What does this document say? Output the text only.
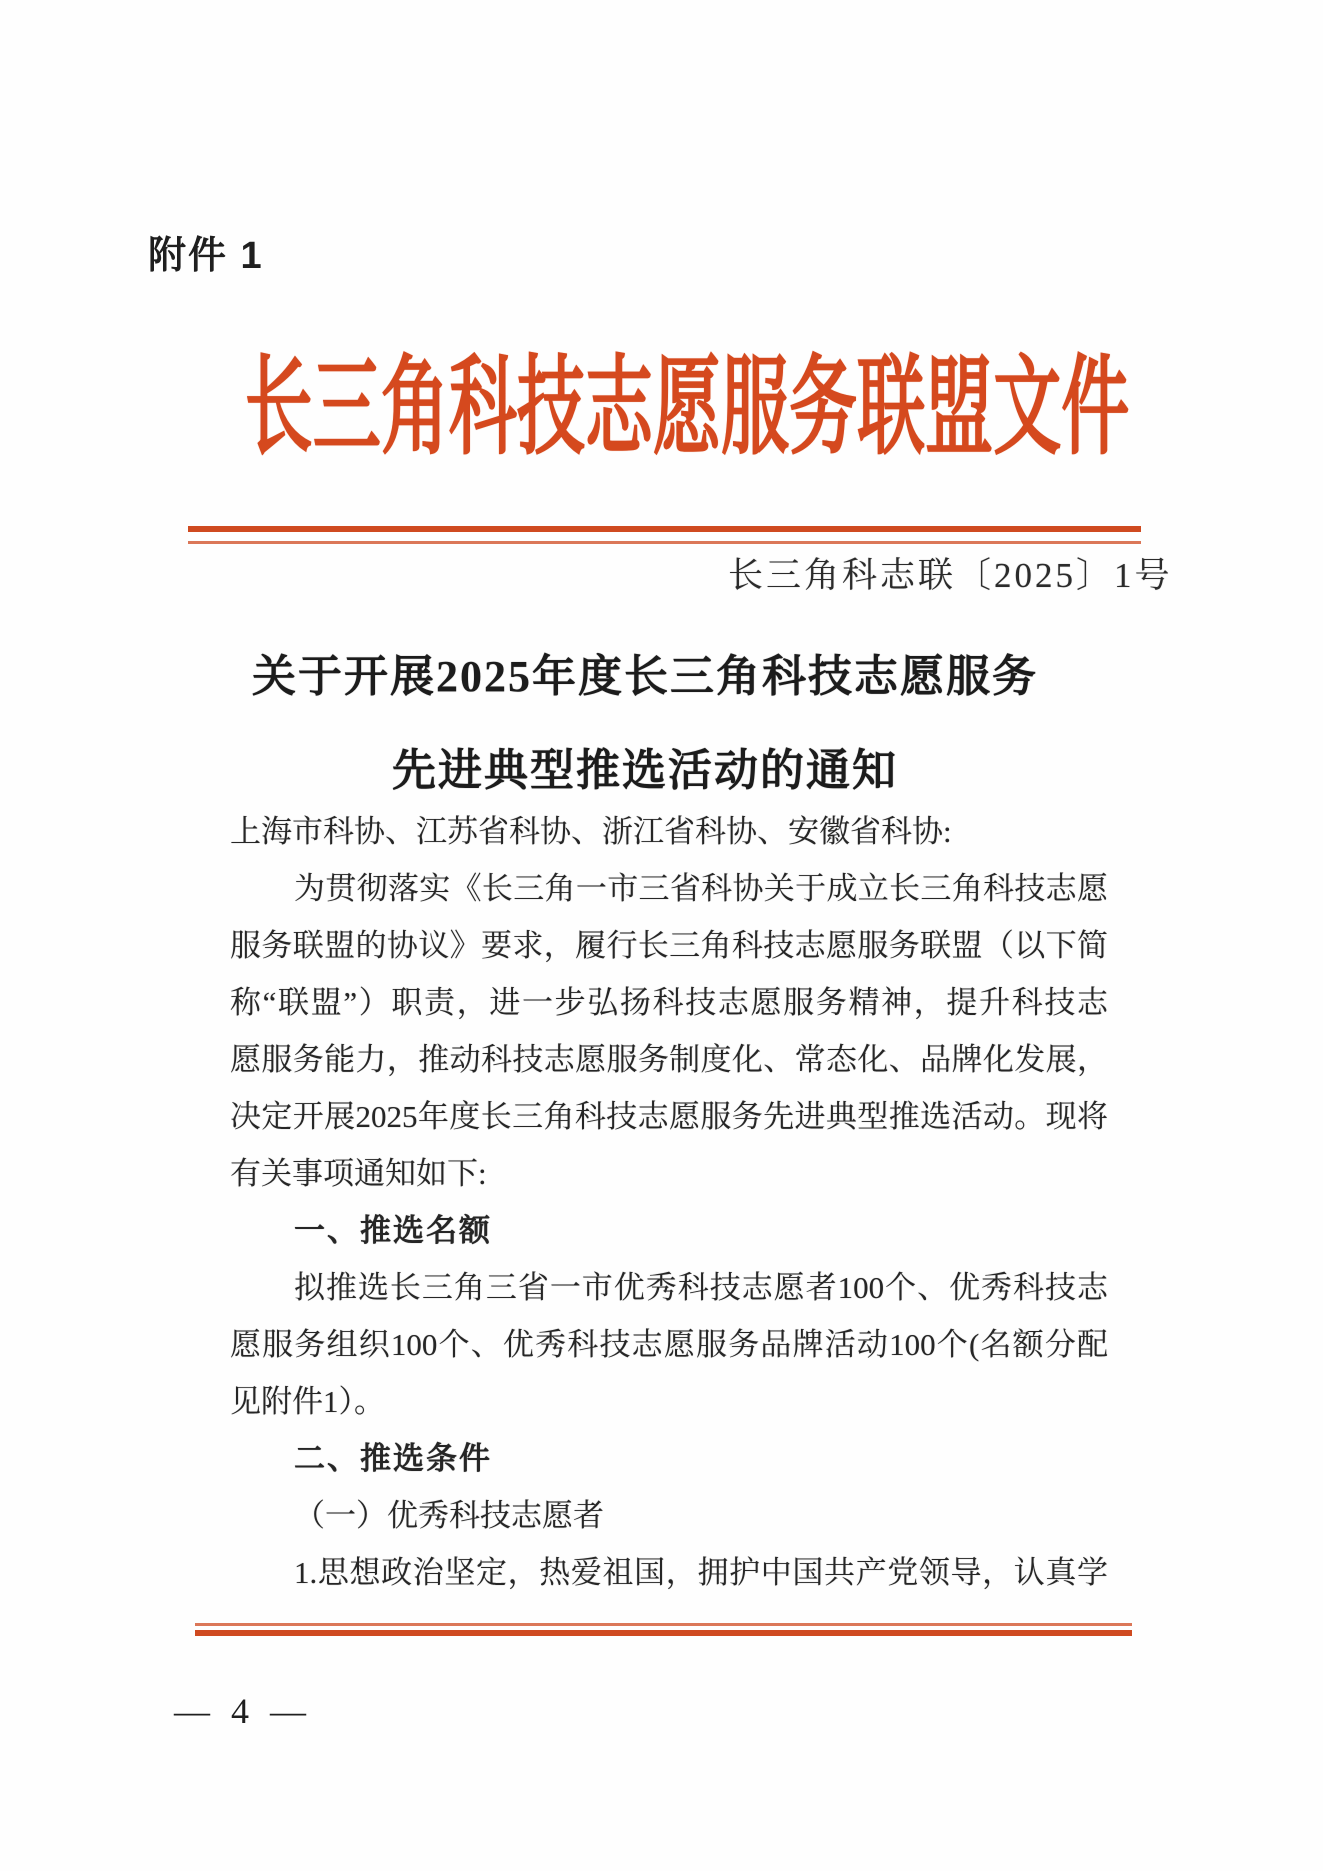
附件 1
长三角科技志愿服务联盟文件
长三角科志联〔2025〕1号
关于开展2025年度长三角科技志愿服务
先进典型推选活动的通知
上海市科协、江苏省科协、浙江省科协、安徽省科协:
为贯彻落实《长三角一市三省科协关于成立长三角科技志愿
服务联盟的协议》要求，履行长三角科技志愿服务联盟（以下简
称“联盟”）职责，进一步弘扬科技志愿服务精神，提升科技志
愿服务能力，推动科技志愿服务制度化、常态化、品牌化发展，
决定开展2025年度长三角科技志愿服务先进典型推选活动。现将
有关事项通知如下:
一、推选名额
拟推选长三角三省一市优秀科技志愿者100个、优秀科技志
愿服务组织100个、优秀科技志愿服务品牌活动100个(名额分配
见附件1）。
二、推选条件
（一）优秀科技志愿者
1.思想政治坚定，热爱祖国，拥护中国共产党领导，认真学
— 4 —
